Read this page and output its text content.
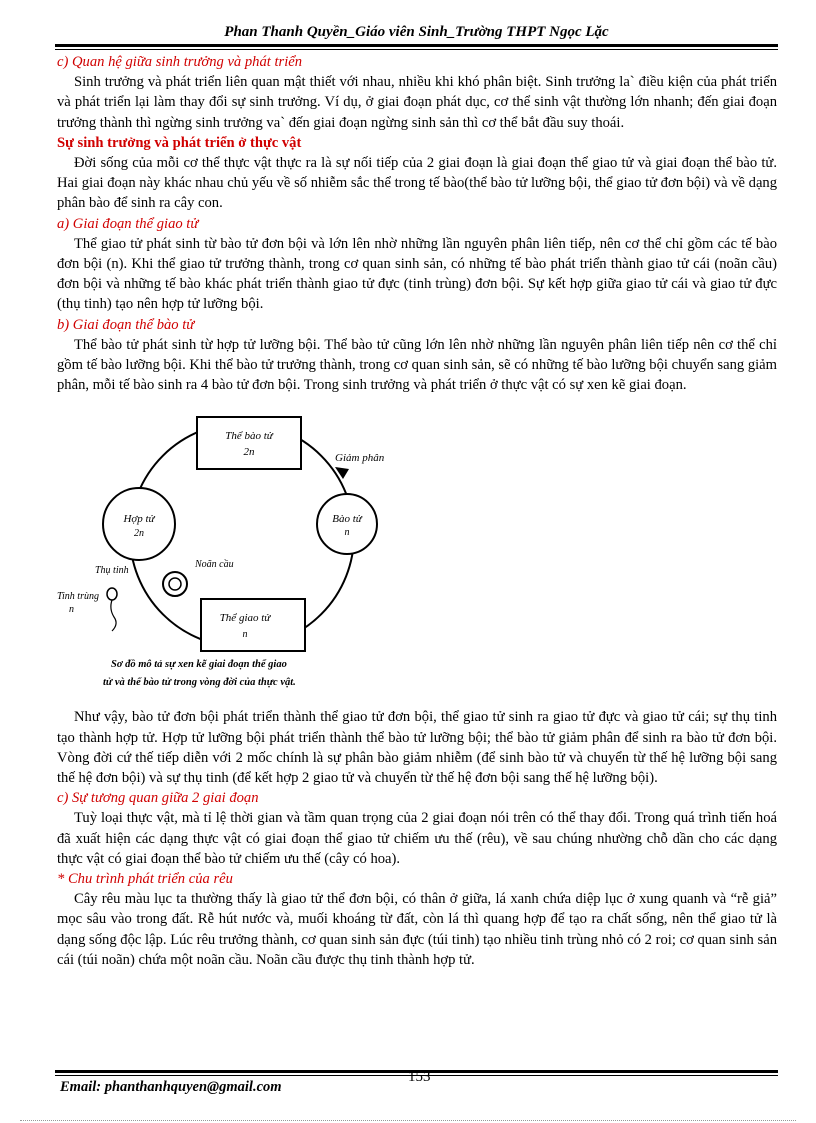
Phan Thanh Quyền_Giáo viên Sinh_Trường THPT Ngọc Lặc
c) Quan hệ giữa sinh trưởng và phát triển

Sinh trưởng và phát triển liên quan mật thiết với nhau, nhiều khi khó phân biệt. Sinh trưởng la` điều kiện của phát triển và phát triển lại làm thay đổi sự sinh trưởng. Ví dụ, ở giai đoạn phát dục, cơ thể sinh vật thường lớn nhanh; đến giai đoạn trưởng thành thì ngừng sinh trưởng va` đến giai đoạn ngừng sinh sản thì cơ thể bắt đầu suy thoái.

Sự sinh trưởng và phát triển ở thực vật

Đời sống của mỗi cơ thể thực vật thực ra là sự nối tiếp của 2 giai đoạn là giai đoạn thể giao tử và giai đoạn thể bào tử. Hai giai đoạn này khác nhau chủ yếu về số nhiễm sắc thể trong tế bào(thể bào tử lưỡng bội, thể giao tử đơn bội) và về dạng phân bào để sinh ra cây con.

a) Giai đoạn thể giao tử

Thể giao tử phát sinh từ bào tử đơn bội và lớn lên nhờ những lần nguyên phân liên tiếp, nên cơ thể chỉ gồm các tế bào đơn bội (n). Khi thể giao tử trưởng thành, trong cơ quan sinh sản, có những tế bào phát triển thành giao tử cái (noãn cầu) đơn bội và những tế bào khác phát triển thành giao tử đực (tinh trùng) đơn bội. Sự kết hợp giữa giao tử cái và giao tử đực (thụ tinh) tạo nên hợp tử lưỡng bội.

b) Giai đoạn thể bào tử

Thể bào tử phát sinh từ hợp tử lưỡng bội. Thể bào tử cũng lớn lên nhờ những lần nguyên phân liên tiếp nên cơ thể chỉ gồm tế bào lưỡng bội. Khi thể bào tử trưởng thành, trong cơ quan sinh sản, sẽ có những tế bào lưỡng bội chuyển sang giảm phân, mỗi tế bào sinh ra 4 bào tử đơn bội. Trong sinh trưởng và phát triển ở thực vật có sự xen kẽ giai đoạn.

Thể bào tử
2n	Giảm phân
Bào tử
n
Hợp tử
2n
Noãn cầu
Thụ tinh
Tinh trùng
n
Thể giao tử
n
Sơ đồ mô tả sự xen kẽ giai đoạn thể giao
tử và thể bào tử trong vòng đời của thực vật.

Như vậy, bào tử đơn bội phát triển thành thể giao tử đơn bội, thể giao tử sinh ra giao tử đực và giao tử cái; sự thụ tinh tạo thành hợp tử. Hợp tử lưỡng bội phát triển thành thể bào tử lưỡng bội; thể bào tử giảm phân để sinh ra bào tử đơn bội. Vòng đời cứ thế tiếp diễn với 2 mốc chính là sự phân bào giảm nhiễm (để sinh bào tử và chuyển từ thế hệ lưỡng bội sang thế hệ đơn bội) và sự thụ tinh (để kết hợp 2 giao tử và chuyển từ thế hệ đơn bội sang thế hệ lưỡng bội).

c) Sự tương quan giữa 2 giai đoạn

Tuỳ loại thực vật, mà tỉ lệ thời gian và tầm quan trọng của 2 giai đoạn nói trên có thể thay đổi. Trong quá trình tiến hoá đã xuất hiện các dạng thực vật có giai đoạn thể giao tử chiếm ưu thế (rêu), về sau chúng nhường chỗ dần cho các dạng thực vật có giai đoạn thể bào tử chiếm ưu thế (cây có hoa).

* Chu trình phát triển của rêu

Cây rêu màu lục ta thường thấy là giao tử thể đơn bội, có thân ở giữa, lá xanh chứa diệp lục ở xung quanh và “rễ giả” mọc sâu vào trong đất. Rễ hút nước và, muối khoáng từ đất, còn lá thì quang hợp để tạo ra chất sống, nên thể giao tử là dạng sống độc lập. Lúc rêu trưởng thành, cơ quan sinh sản đực (túi tinh) tạo nhiều tinh trùng nhỏ có 2 roi; cơ quan sinh sản cái (túi noãn) chứa một noãn cầu. Noãn cầu được thụ tinh thành hợp tử.

153
Email: phanthanhquyen@gmail.com
